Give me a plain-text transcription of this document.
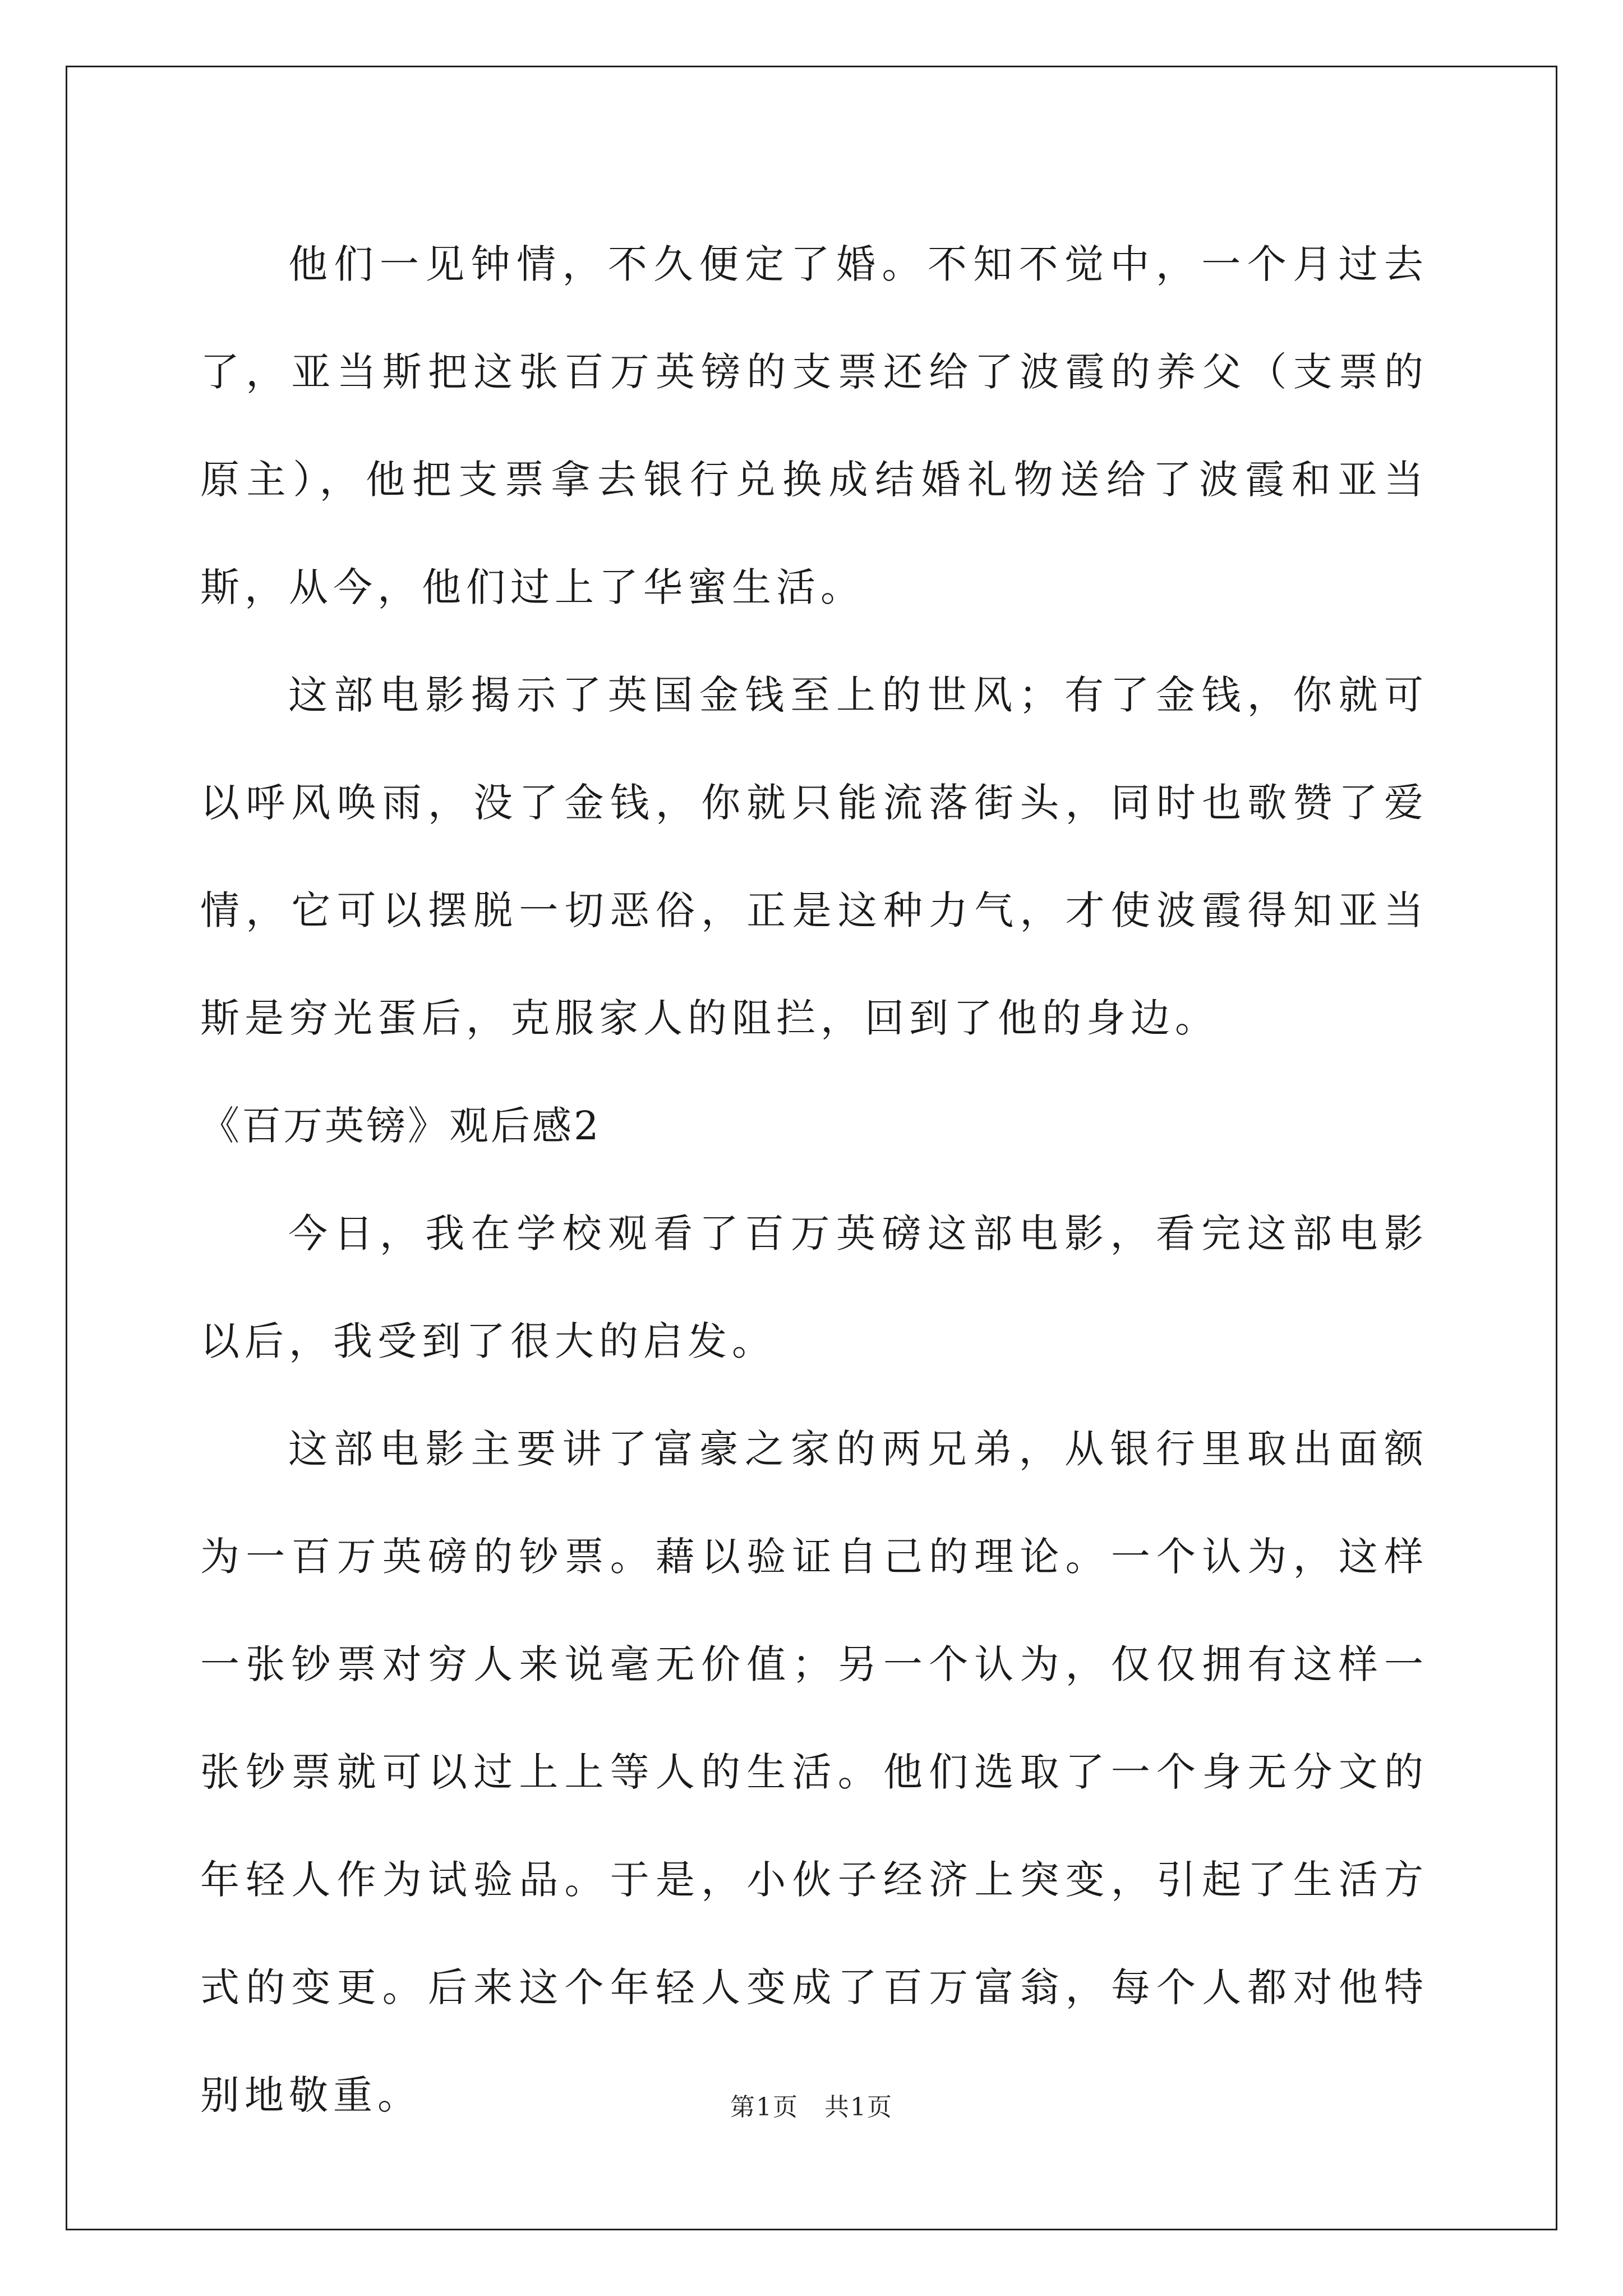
他们一见钟情，不久便定了婚。不知不觉中，一个月过去了，亚当斯把这张百万英镑的支票还给了波霞的养父（支票的原主），他把支票拿去银行兑换成结婚礼物送给了波霞和亚当斯，从今，他们过上了华蜜生活。

这部电影揭示了英国金钱至上的世风；有了金钱，你就可以呼风唤雨，没了金钱，你就只能流落街头，同时也歌赞了爱情，它可以摆脱一切恶俗，正是这种力气，才使波霞得知亚当斯是穷光蛋后，克服家人的阻拦，回到了他的身边。

《百万英镑》观后感2

今日，我在学校观看了百万英磅这部电影，看完这部电影以后，我受到了很大的启发。

这部电影主要讲了富豪之家的两兄弟，从银行里取出面额为一百万英磅的钞票。藉以验证自己的理论。一个认为，这样一张钞票对穷人来说毫无价值；另一个认为，仅仅拥有这样一张钞票就可以过上上等人的生活。他们选取了一个身无分文的年轻人作为试验品。于是，小伙子经济上突变，引起了生活方式的变更。后来这个年轻人变成了百万富翁，每个人都对他特别地敬重。	第1页　共1页
